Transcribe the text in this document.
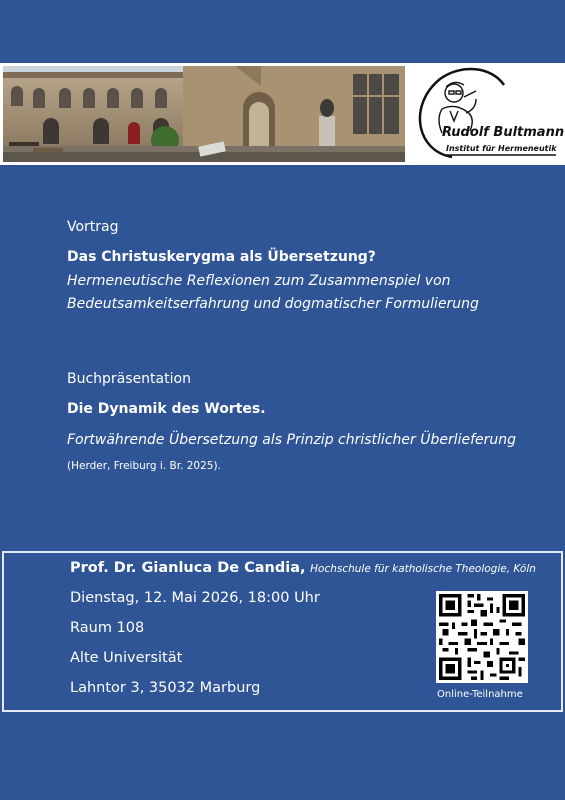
Rudolf Bultmann
Institut für Hermeneutik
Vortrag
Das Christuskerygma als Übersetzung?
Hermeneutische Reflexionen zum Zusammenspiel von
Bedeutsamkeitserfahrung und dogmatischer Formulierung
Buchpräsentation
Die Dynamik des Wortes.
Fortwährende Übersetzung als Prinzip christlicher Überlieferung
(Herder, Freiburg i. Br. 2025).
Prof. Dr. Gianluca De Candia, Hochschule für katholische Theologie, Köln
Dienstag, 12. Mai 2026, 18:00 Uhr
Raum 108
Alte Universität
Lahntor 3, 35032 Marburg	Online-Teilnahme
